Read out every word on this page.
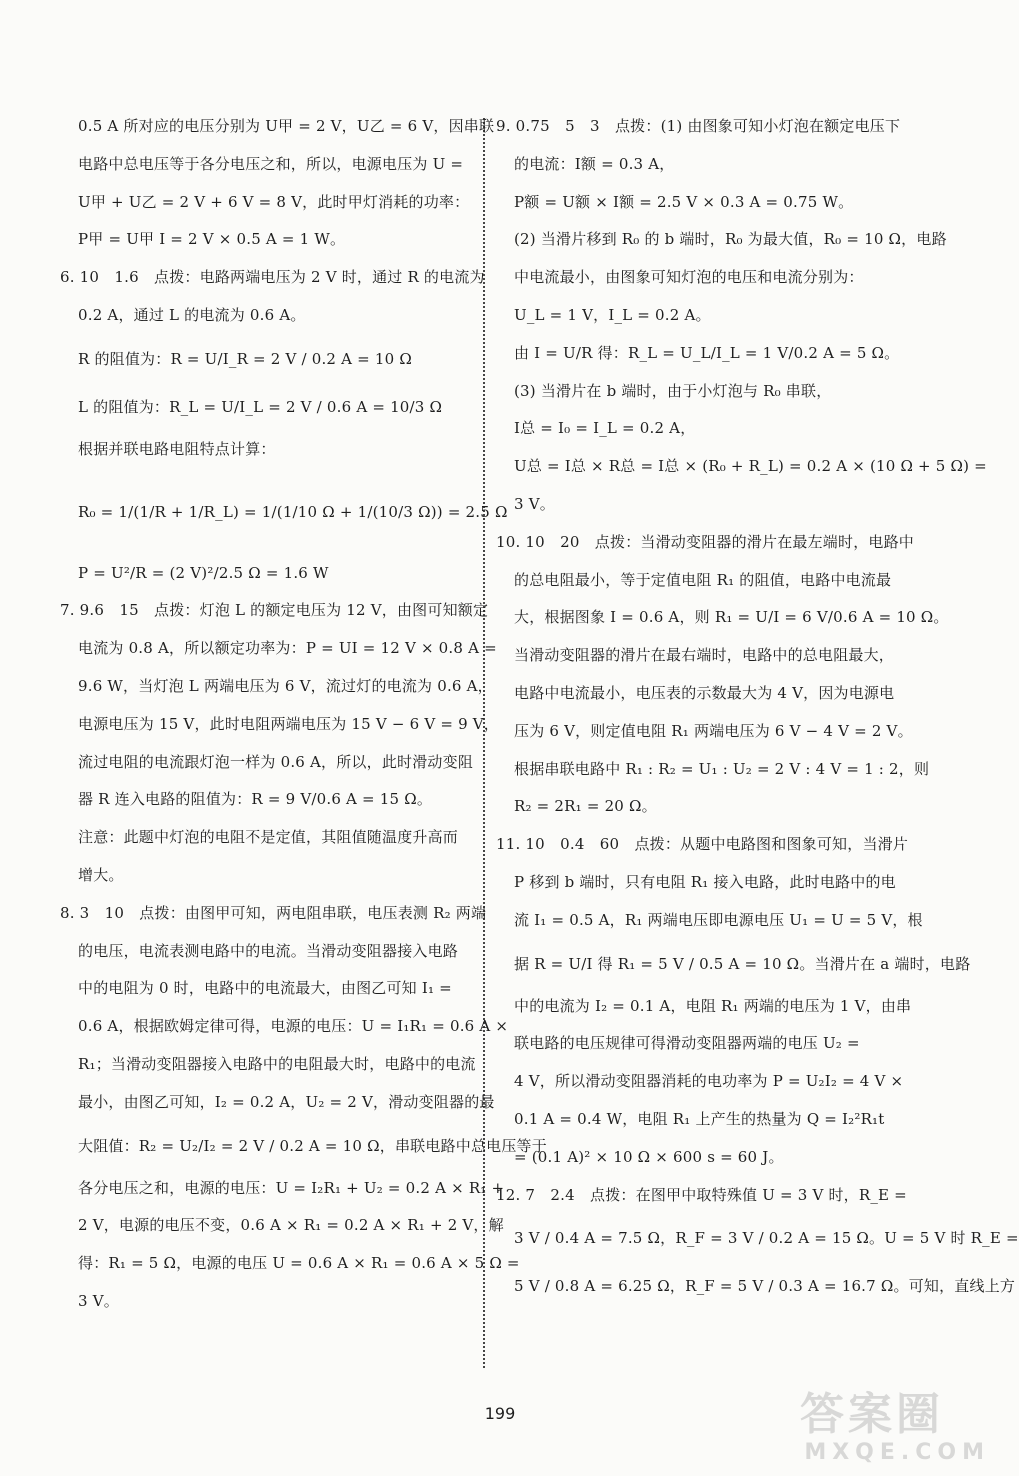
0.5 A 所对应的电压分别为 U甲 = 2 V，U乙 = 6 V，因串联
电路中总电压等于各分电压之和，所以，电源电压为 U =
U甲 + U乙 = 2 V + 6 V = 8 V，此时甲灯消耗的功率：
P甲 = U甲 I = 2 V × 0.5 A = 1 W。
6. 10　1.6　点拨：电路两端电压为 2 V 时，通过 R 的电流为
0.2 A，通过 L 的电流为 0.6 A。
R 的阻值为：R = U/I_R = 2 V / 0.2 A = 10 Ω
L 的阻值为：R_L = U/I_L = 2 V / 0.6 A = 10/3 Ω
根据并联电路电阻特点计算：
R₀ = 1/(1/R + 1/R_L) = 1/(1/10 Ω + 1/(10/3 Ω)) = 2.5 Ω
P = U²/R = (2 V)²/2.5 Ω = 1.6 W
7. 9.6　15　点拨：灯泡 L 的额定电压为 12 V，由图可知额定
电流为 0.8 A，所以额定功率为：P = UI = 12 V × 0.8 A =
9.6 W，当灯泡 L 两端电压为 6 V，流过灯的电流为 0.6 A，
电源电压为 15 V，此时电阻两端电压为 15 V − 6 V = 9 V，
流过电阻的电流跟灯泡一样为 0.6 A，所以，此时滑动变阻
器 R 连入电路的阻值为：R = 9 V/0.6 A = 15 Ω。
注意：此题中灯泡的电阻不是定值，其阻值随温度升高而
增大。
8. 3　10　点拨：由图甲可知，两电阻串联，电压表测 R₂ 两端
的电压，电流表测电路中的电流。当滑动变阻器接入电路
中的电阻为 0 时，电路中的电流最大，由图乙可知 I₁ =
0.6 A，根据欧姆定律可得，电源的电压：U = I₁R₁ = 0.6 A ×
R₁；当滑动变阻器接入电路中的电阻最大时，电路中的电流
最小，由图乙可知，I₂ = 0.2 A，U₂ = 2 V，滑动变阻器的最
大阻值：R₂ = U₂/I₂ = 2 V / 0.2 A = 10 Ω，串联电路中总电压等于
各分电压之和，电源的电压：U = I₂R₁ + U₂ = 0.2 A × R₁ +
2 V，电源的电压不变，0.6 A × R₁ = 0.2 A × R₁ + 2 V，解
得：R₁ = 5 Ω，电源的电压 U = 0.6 A × R₁ = 0.6 A × 5 Ω =
3 V。
9. 0.75　5　3　点拨：(1) 由图象可知小灯泡在额定电压下
的电流：I额 = 0.3 A，
P额 = U额 × I额 = 2.5 V × 0.3 A = 0.75 W。
(2) 当滑片移到 R₀ 的 b 端时，R₀ 为最大值，R₀ = 10 Ω，电路
中电流最小，由图象可知灯泡的电压和电流分别为：
U_L = 1 V，I_L = 0.2 A。
由 I = U/R 得：R_L = U_L/I_L = 1 V/0.2 A = 5 Ω。
(3) 当滑片在 b 端时，由于小灯泡与 R₀ 串联，
I总 = I₀ = I_L = 0.2 A，
U总 = I总 × R总 = I总 × (R₀ + R_L) = 0.2 A × (10 Ω + 5 Ω) =
3 V。
10. 10　20　点拨：当滑动变阻器的滑片在最左端时，电路中
的总电阻最小，等于定值电阻 R₁ 的阻值，电路中电流最
大，根据图象 I = 0.6 A，则 R₁ = U/I = 6 V/0.6 A = 10 Ω。
当滑动变阻器的滑片在最右端时，电路中的总电阻最大，
电路中电流最小，电压表的示数最大为 4 V，因为电源电
压为 6 V，则定值电阻 R₁ 两端电压为 6 V − 4 V = 2 V。
根据串联电路中 R₁ : R₂ = U₁ : U₂ = 2 V : 4 V = 1 : 2，则
R₂ = 2R₁ = 20 Ω。
11. 10　0.4　60　点拨：从题中电路图和图象可知，当滑片
P 移到 b 端时，只有电阻 R₁ 接入电路，此时电路中的电
流 I₁ = 0.5 A，R₁ 两端电压即电源电压 U₁ = U = 5 V，根
据 R = U/I 得 R₁ = 5 V / 0.5 A = 10 Ω。当滑片在 a 端时，电路
中的电流为 I₂ = 0.1 A，电阻 R₁ 两端的电压为 1 V，由串
联电路的电压规律可得滑动变阻器两端的电压 U₂ =
4 V，所以滑动变阻器消耗的电功率为 P = U₂I₂ = 4 V ×
0.1 A = 0.4 W，电阻 R₁ 上产生的热量为 Q = I₂²R₁t
= (0.1 A)² × 10 Ω × 600 s = 60 J。
12. 7　2.4　点拨：在图甲中取特殊值 U = 3 V 时，R_E =
3 V / 0.4 A = 7.5 Ω，R_F = 3 V / 0.2 A = 15 Ω。U = 5 V 时 R_E =
5 V / 0.8 A = 6.25 Ω，R_F = 5 V / 0.3 A = 16.7 Ω。可知，直线上方
199	答案圈
MXQE.COM
